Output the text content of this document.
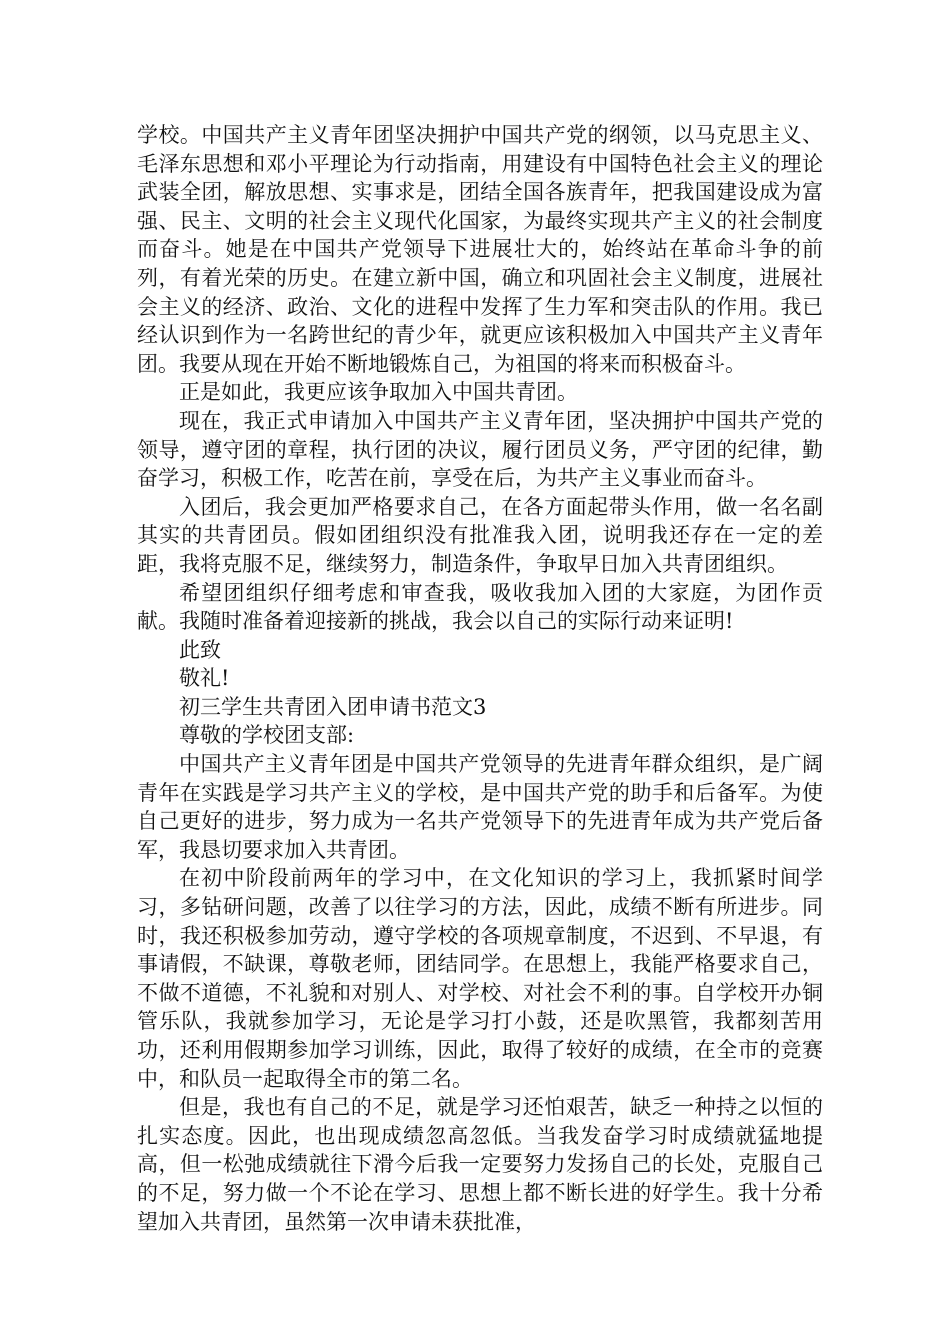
学校。中国共产主义青年团坚决拥护中国共产党的纲领，以马克思主义、毛泽东思想和邓小平理论为行动指南，用建设有中国特色社会主义的理论武装全团，解放思想、实事求是，团结全国各族青年，把我国建设成为富强、民主、文明的社会主义现代化国家，为最终实现共产主义的社会制度而奋斗。她是在中国共产党领导下进展壮大的，始终站在革命斗争的前列，有着光荣的历史。在建立新中国，确立和巩固社会主义制度，进展社会主义的经济、政治、文化的进程中发挥了生力军和突击队的作用。我已经认识到作为一名跨世纪的青少年，就更应该积极加入中国共产主义青年团。我要从现在开始不断地锻炼自己，为祖国的将来而积极奋斗。

正是如此，我更应该争取加入中国共青团。

现在，我正式申请加入中国共产主义青年团，坚决拥护中国共产党的领导，遵守团的章程，执行团的决议，履行团员义务，严守团的纪律，勤奋学习，积极工作，吃苦在前，享受在后，为共产主义事业而奋斗。

入团后，我会更加严格要求自己，在各方面起带头作用，做一名名副其实的共青团员。假如团组织没有批准我入团，说明我还存在一定的差距，我将克服不足，继续努力，制造条件，争取早日加入共青团组织。

希望团组织仔细考虑和审查我，吸收我加入团的大家庭，为团作贡献。我随时准备着迎接新的挑战，我会以自己的实际行动来证明!

此致

敬礼!

初三学生共青团入团申请书范文3

尊敬的学校团支部:

中国共产主义青年团是中国共产党领导的先进青年群众组织，是广阔青年在实践是学习共产主义的学校，是中国共产党的助手和后备军。为使自己更好的进步，努力成为一名共产党领导下的先进青年成为共产党后备军，我恳切要求加入共青团。

在初中阶段前两年的学习中，在文化知识的学习上，我抓紧时间学习，多钻研问题，改善了以往学习的方法，因此，成绩不断有所进步。同时，我还积极参加劳动，遵守学校的各项规章制度，不迟到、不早退，有事请假，不缺课，尊敬老师，团结同学。在思想上，我能严格要求自己，不做不道德，不礼貌和对别人、对学校、对社会不利的事。自学校开办铜管乐队，我就参加学习，无论是学习打小鼓，还是吹黑管，我都刻苦用功，还利用假期参加学习训练，因此，取得了较好的成绩，在全市的竞赛中，和队员一起取得全市的第二名。

但是，我也有自己的不足，就是学习还怕艰苦，缺乏一种持之以恒的扎实态度。因此，也出现成绩忽高忽低。当我发奋学习时成绩就猛地提高，但一松弛成绩就往下滑今后我一定要努力发扬自己的长处，克服自己的不足，努力做一个不论在学习、思想上都不断长进的好学生。我十分希望加入共青团，虽然第一次申请未获批准，
